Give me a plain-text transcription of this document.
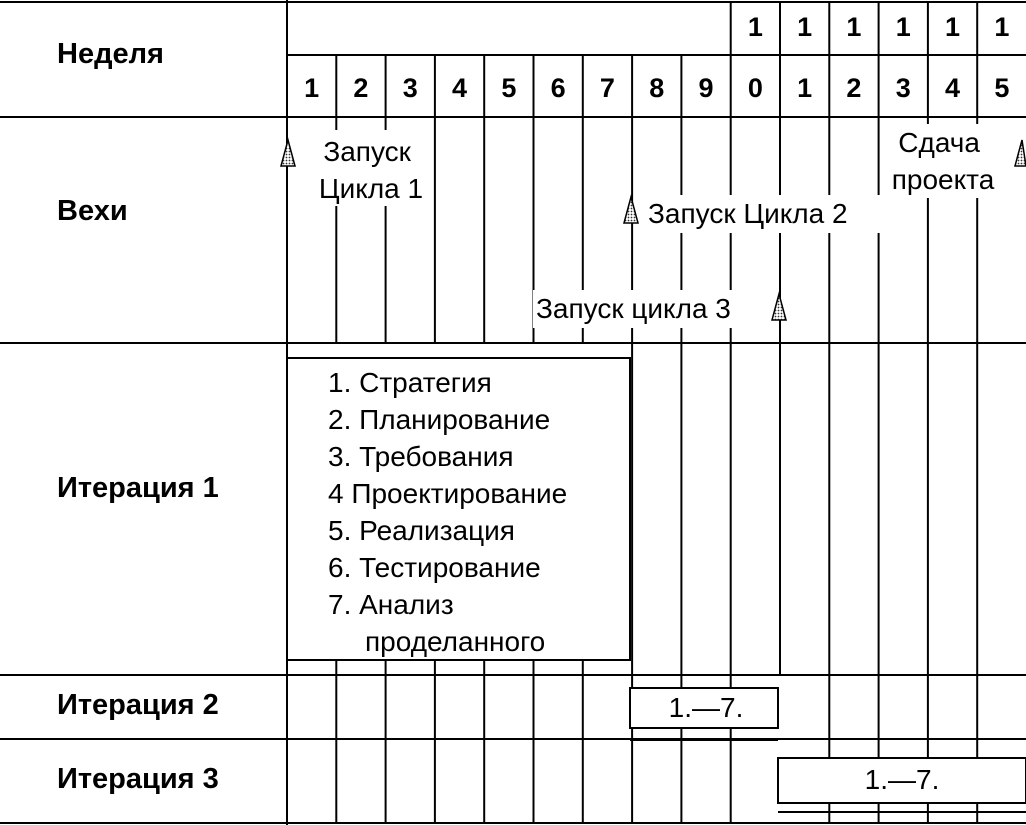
Неделя
Вехи
Итерация 1
Итерация 2
Итерация 3
1 2 3 4 5 6 7 8 9 0
1
1
1
2
1
3
1
4
1
5
1
Запуск Цикла 1
Запуск Цикла 2
Запуск цикла 3
Сдача проекта
1. Стратегия
2. Планирование
3. Требования
4 Проектирование
5. Реализация
6. Тестирование
7. Анализ
проделанного
1.—7.
1.—7.
